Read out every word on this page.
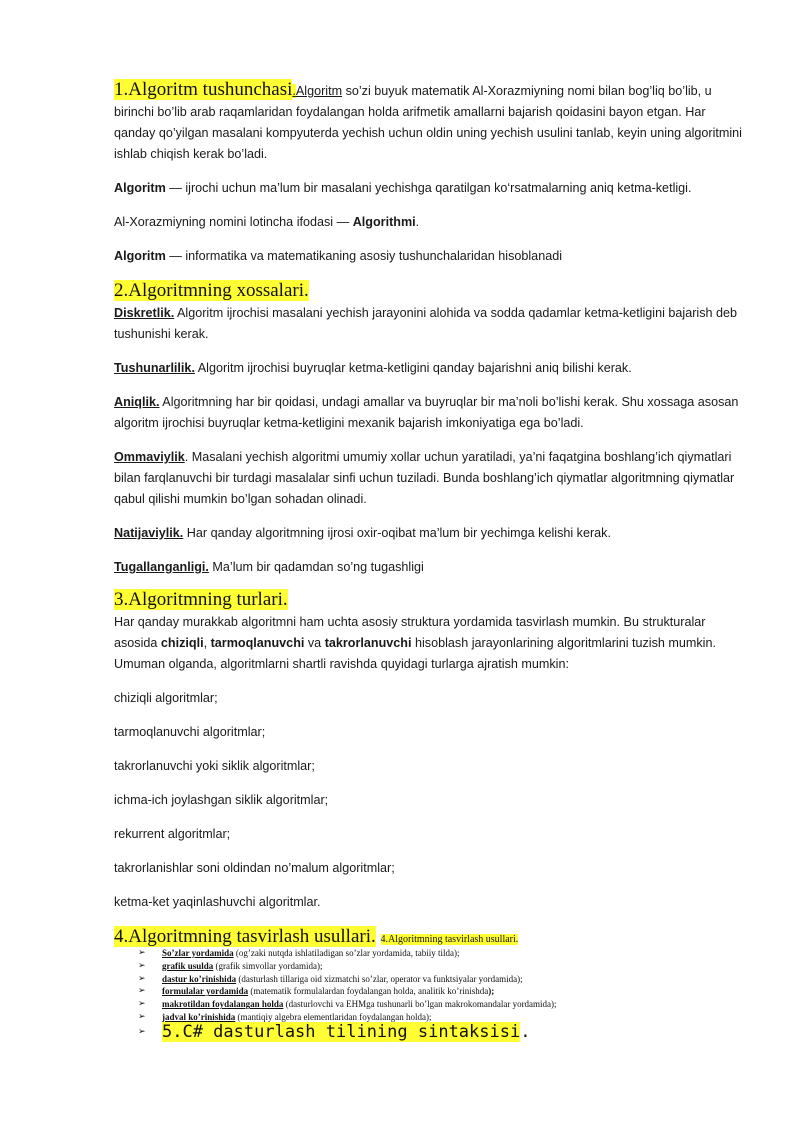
1.Algoritm tushunchasi.Algoritm so’zi buyuk matematik Al-Xorazmiyning nomi bilan bog’liq bo’lib, u birinchi bo’lib arab raqamlaridan foydalangan holda arifmetik amallarni bajarish qoidasini bayon etgan. Har qanday qo’yilgan masalani kompyuterda yechish uchun oldin uning yechish usulini tanlab, keyin uning algoritmini ishlab chiqish kerak bo’ladi.

Algoritm — ijrochi uchun ma’lum bir masalani yechishga qaratilgan ko‘rsatmalarning aniq ketma-ketligi.

Al-Xorazmiyning nomini lotincha ifodasi — Algorithmi.

Algoritm — informatika va matematikaning asosiy tushunchalaridan hisoblanadi

2.Algoritmning xossalari.

Diskretlik. Algoritm ijrochisi masalani yechish jarayonini alohida va sodda qadamlar ketma-ketligini bajarish deb tushunishi kerak.

Tushunarlilik. Algoritm ijrochisi buyruqlar ketma-ketligini qanday bajarishni aniq bilishi kerak.

Aniqlik. Algoritmning har bir qoidasi, undagi amallar va buyruqlar bir ma’noli bo’lishi kerak. Shu xossaga asosan algoritm ijrochisi buyruqlar ketma-ketligini mexanik bajarish imkoniyatiga ega bo’ladi.

Ommaviylik. Masalani yechish algoritmi umumiy xollar uchun yaratiladi, ya’ni faqatgina boshlang’ich qiymatlari bilan farqlanuvchi bir turdagi masalalar sinfi uchun tuziladi. Bunda boshlang’ich qiymatlar algoritmning qiymatlar qabul qilishi mumkin bo’lgan sohadan olinadi.

Natijaviylik. Har qanday algoritmning ijrosi oxir-oqibat ma’lum bir yechimga kelishi kerak.

Tugallanganligi. Ma’lum bir qadamdan so’ng tugashligi

3.Algoritmning turlari.

Har qanday murakkab algoritmni ham uchta asosiy struktura yordamida tasvirlash mumkin. Bu strukturalar asosida chiziqli, tarmoqlanuvchi va takrorlanuvchi hisoblash jarayonlarining algoritmlarini tuzish mumkin. Umuman olganda, algoritmlarni shartli ravishda quyidagi turlarga ajratish mumkin:

chiziqli algoritmlar;

tarmoqlanuvchi algoritmlar;

takrorlanuvchi yoki siklik algoritmlar;

ichma-ich joylashgan siklik algoritmlar;

rekurrent algoritmlar;

takrorlanishlar soni oldindan no’malum algoritmlar;

ketma-ket yaqinlashuvchi algoritmlar.

4.Algoritmning tasvirlash usullari. 4.Algoritmning tasvirlash usullari.
➢ So’zlar yordamida (og’zaki nutqda ishlatiladigan so’zlar yordamida, tabiiy tilda);
➢ grafik usulda (grafik simvollar yordamida);
➢ dastur ko’rinishida (dasturlash tillariga oid xizmatchi so’zlar, operator va funktsiyalar yordamida);
➢ formulalar yordamida (matematik formulalardan foydalangan holda, analitik ko’rinishda);
➢ makrotildan foydalangan holda (dasturlovchi va EHMga tushunarli bo’lgan makrokomandalar yordamida);
➢ jadval ko’rinishida (mantiqiy algebra elementlaridan foydalangan holda);
➢ 5.C# dasturlash tilining sintaksisi.
